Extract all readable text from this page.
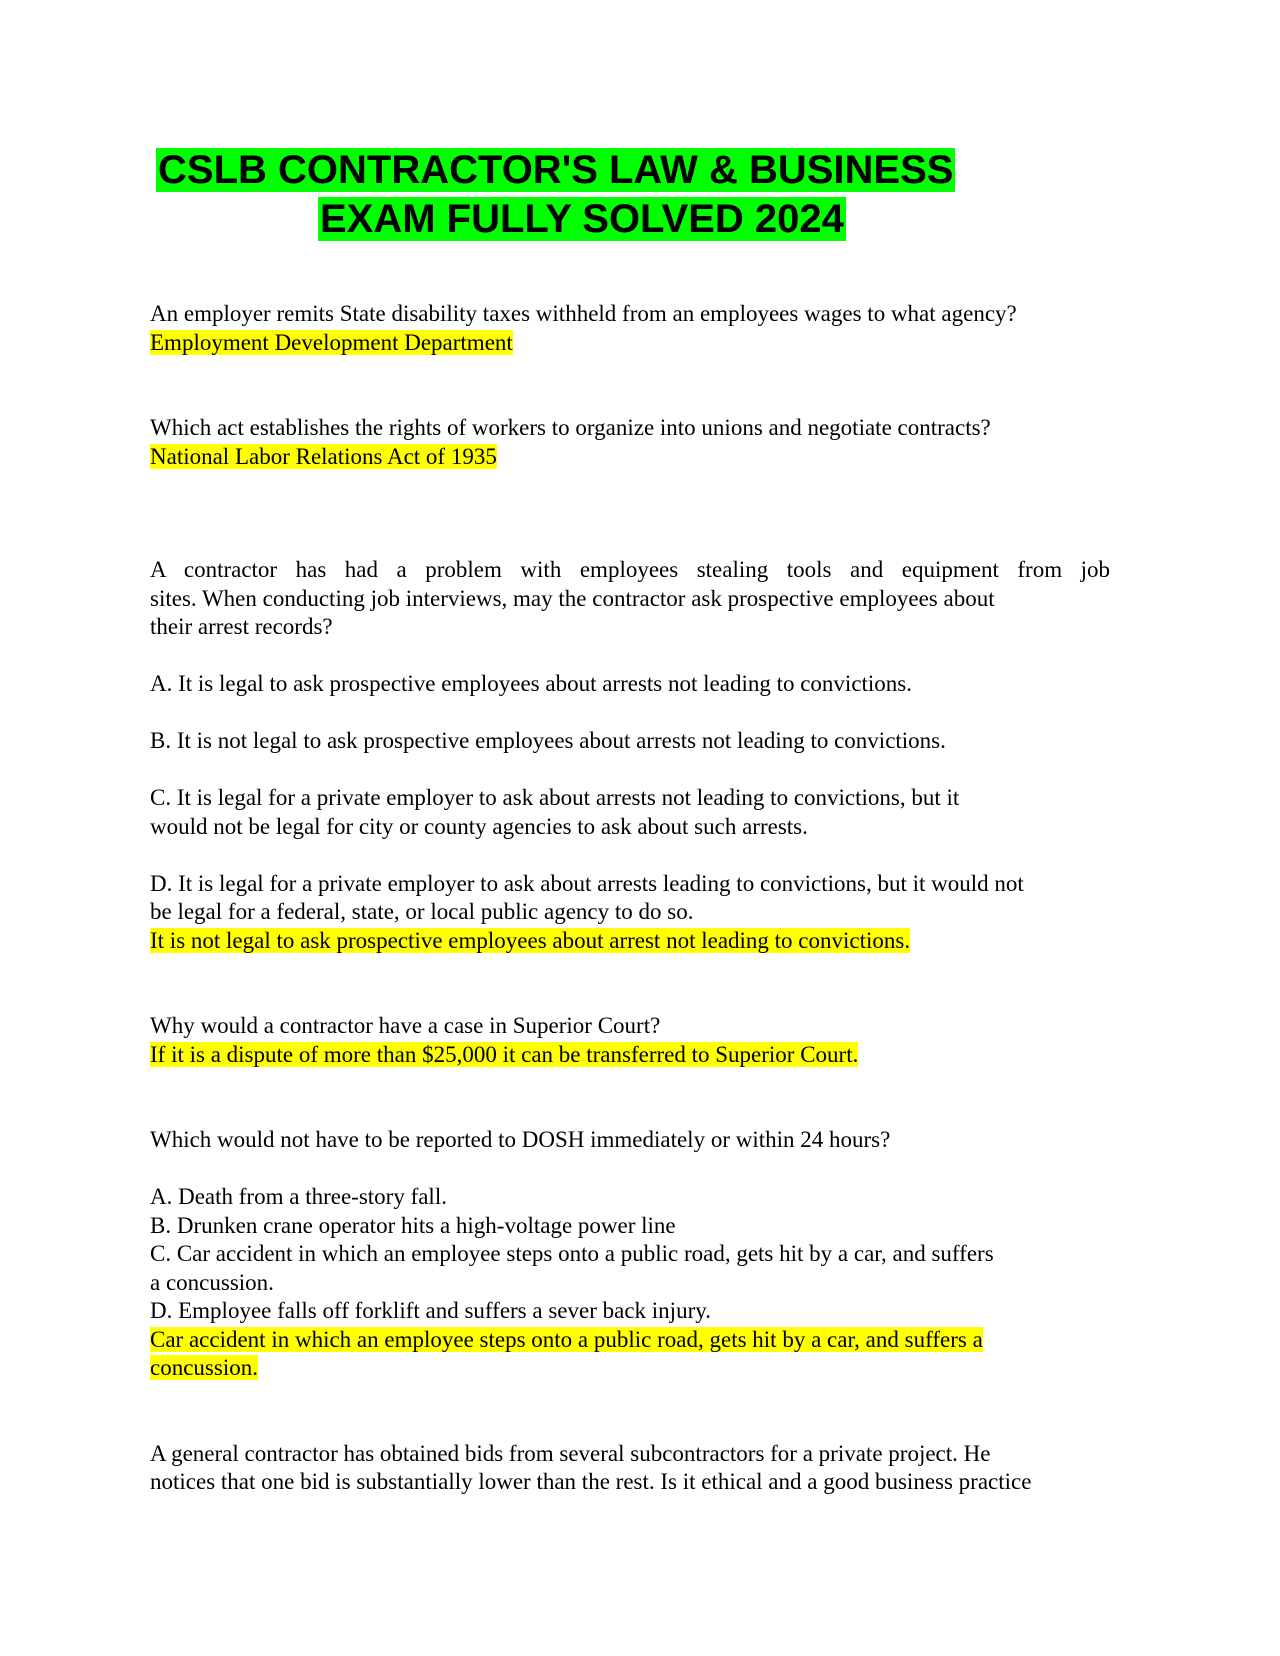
CSLB CONTRACTOR'S LAW & BUSINESS
EXAM FULLY SOLVED 2024
An employer remits State disability taxes withheld from an employees wages to what agency?
Employment Development Department
Which act establishes the rights of workers to organize into unions and negotiate contracts?
National Labor Relations Act of 1935
A contractor has had a problem with employees stealing tools and equipment from job
sites. When conducting job interviews, may the contractor ask prospective employees about
their arrest records?
A. It is legal to ask prospective employees about arrests not leading to convictions.
B. It is not legal to ask prospective employees about arrests not leading to convictions.
C. It is legal for a private employer to ask about arrests not leading to convictions, but it
would not be legal for city or county agencies to ask about such arrests.
D. It is legal for a private employer to ask about arrests leading to convictions, but it would not
be legal for a federal, state, or local public agency to do so.
It is not legal to ask prospective employees about arrest not leading to convictions.
Why would a contractor have a case in Superior Court?
If it is a dispute of more than $25,000 it can be transferred to Superior Court.
Which would not have to be reported to DOSH immediately or within 24 hours?
A. Death from a three-story fall.
B. Drunken crane operator hits a high-voltage power line
C. Car accident in which an employee steps onto a public road, gets hit by a car, and suffers
a concussion.
D. Employee falls off forklift and suffers a sever back injury.
Car accident in which an employee steps onto a public road, gets hit by a car, and suffers a
concussion.
A general contractor has obtained bids from several subcontractors for a private project. He
notices that one bid is substantially lower than the rest. Is it ethical and a good business practice
